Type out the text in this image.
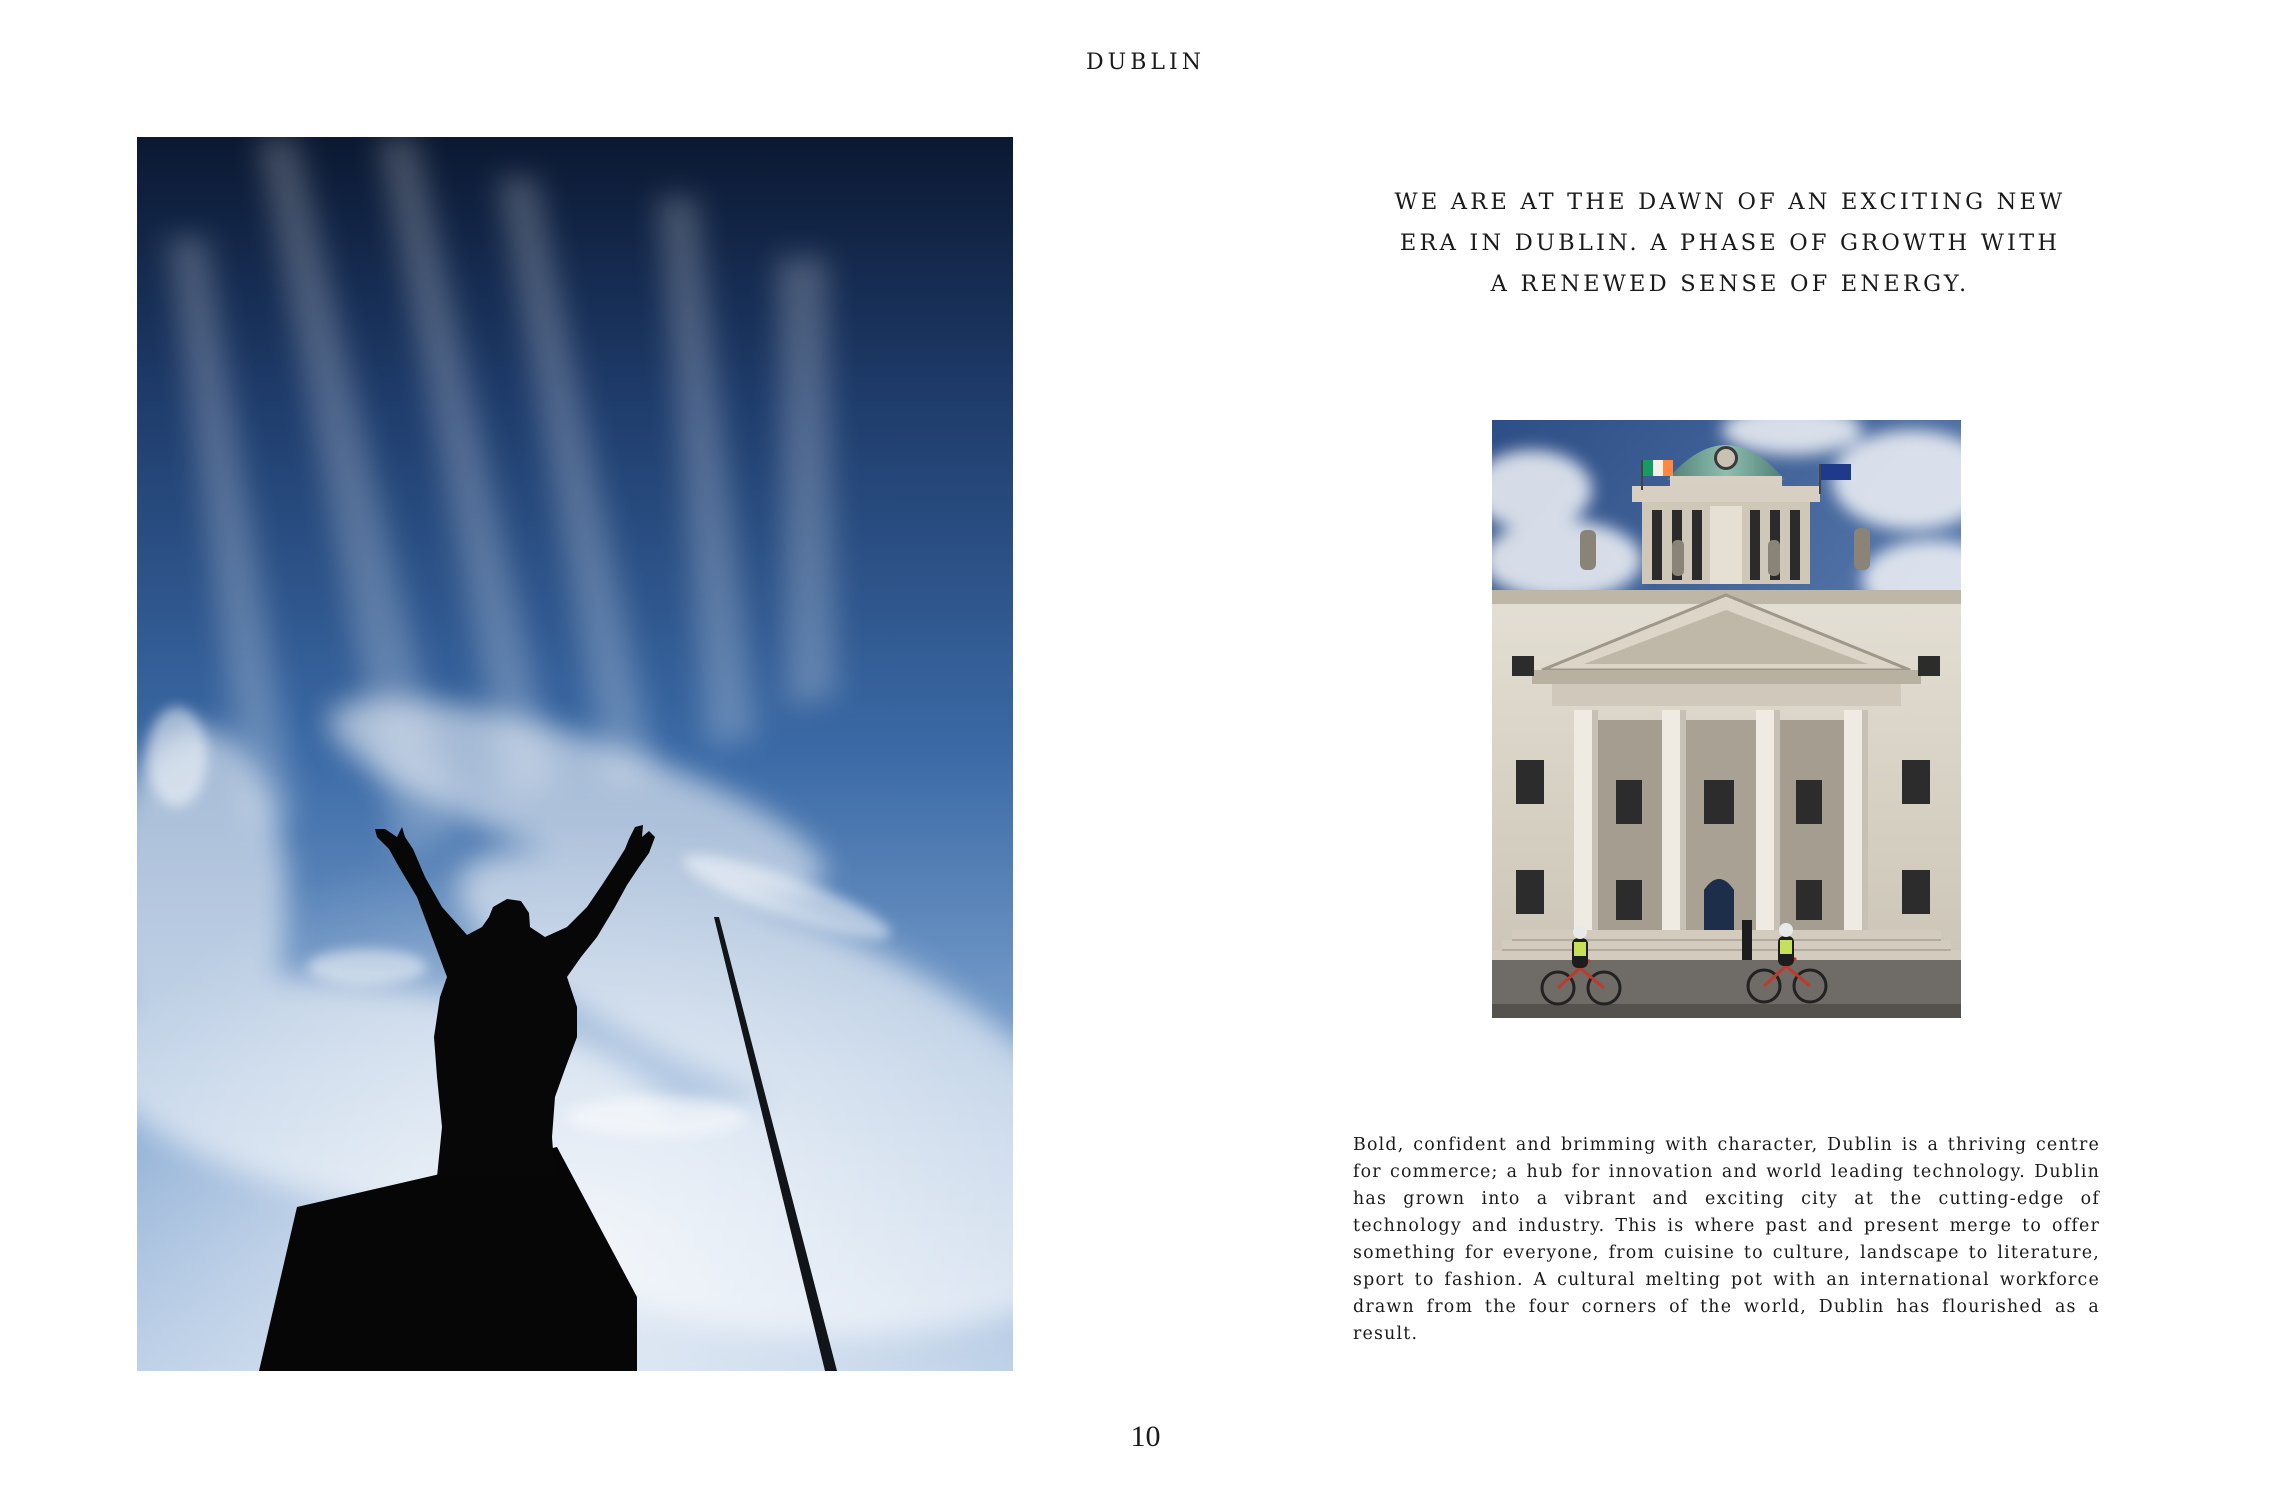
DUBLIN
WE ARE AT THE DAWN OF AN EXCITING NEW
ERA IN DUBLIN. A PHASE OF GROWTH WITH
A RENEWED SENSE OF ENERGY.
Bold, confident and brimming with character, Dublin is a thriving centre for commerce; a hub for innovation and world leading technology. Dublin has grown into a vibrant and exciting city at the cutting-edge of technology and industry. This is where past and present merge to offer something for everyone, from cuisine to culture, landscape to literature, sport to fashion. A cultural melting pot with an international workforce drawn from the four corners of the world, Dublin has flourished as a result.
10
